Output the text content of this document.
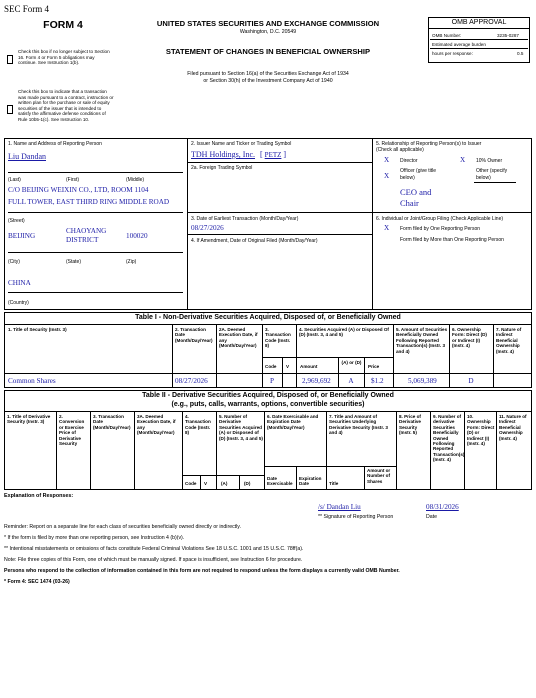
SEC Form 4
FORM 4
Check this box if no longer subject to Section 16. Form 4 or Form 5 obligations may continue. See Instruction 1(b).
Check this box to indicate that a transaction was made pursuant to a contract, instruction or written plan for the purchase or sale of equity securities of the issuer that is intended to satisfy the affirmative defense conditions of Rule 10b5-1(c). See Instruction 10.
UNITED STATES SECURITIES AND EXCHANGE COMMISSION
Washington, D.C. 20549
STATEMENT OF CHANGES IN BENEFICIAL OWNERSHIP
Filed pursuant to Section 16(a) of the Securities Exchange Act of 1934
or Section 30(h) of the Investment Company Act of 1940
OMB APPROVAL
OMB Number:	3235-0287
Estimated average burden
hours per response:	0.5
1. Name and Address of Reporting Person
Liu Dandan
(Last)	(First)	(Middle)
C/O BEIJING WEIXIN CO., LTD, ROOM 1104
FULL TOWER, EAST THIRD RING MIDDLE ROAD
(Street)
BEIJING
CHAOYANG
DISTRICT	100020
(City)	(State)	(Zip)
CHINA
(Country)
2. Issuer Name and Ticker or Trading Symbol
TDH Holdings, Inc. [ PETZ ]
2a. Foreign Trading Symbol
3. Date of Earliest Transaction (Month/Day/Year)
08/27/2026
4. If Amendment, Date of Original Filed (Month/Day/Year)
5. Relationship of Reporting Person(s) to Issuer
(Check all applicable)
X Director	X 10% Owner
X
Officer (give title
below)
Other (specify
below)
CEO and
Chair
6. Individual or Joint/Group Filing (Check Applicable Line)
X Form filed by One Reporting Person
Form filed by More than One Reporting Person
Table I - Non-Derivative Securities Acquired, Disposed of, or Beneficially Owned
1. Title of Security (Instr. 3)	2. Transaction Date (Month/Day/Year)
2A. Deemed Execution Date, if any (Month/Day/Year)
3. Transaction Code (Instr. 8)
4. Securities Acquired (A) or Disposed Of (D) (Instr. 3, 4 and 5)
5. Amount of Securities Beneficially Owned Following Reported Transaction(s) (Instr. 3 and 4)
6. Ownership Form: Direct (D) or Indirect (I) (Instr. 4)
7. Nature of Indirect Beneficial Ownership (Instr. 4)
Code V Amount
(A) or (D)
Price
Common Shares	08/27/2026	P	2,969,692	A	$1.2	5,069,389	D
Table II - Derivative Securities Acquired, Disposed of, or Beneficially Owned
(e.g., puts, calls, warrants, options, convertible securities)
1. Title of Derivative Security (Instr. 3)
2. Conversion or Exercise Price of Derivative Security
3. Transaction Date (Month/Day/Year)
3A. Deemed Execution Date, if any (Month/Day/Year)
4. Transaction Code (Instr. 8)
5. Number of Derivative Securities Acquired (A) or Disposed of (D) (Instr. 3, 4 and 5)
6. Date Exercisable and Expiration Date (Month/Day/Year)
7. Title and Amount of Securities Underlying Derivative Security (Instr. 3 and 4)
8. Price of Derivative Security (Instr. 5)
9. Number of derivative Securities Beneficially Owned Following Reported Transaction(s) (Instr. 4)
10. Ownership Form: Direct (D) or Indirect (I) (Instr. 4)
11. Nature of Indirect Beneficial Ownership (Instr. 4)
Code V	(A)	(D)
Date Exercisable
Expiration Date	Title
Amount or Number of Shares
Explanation of Responses:
/s/ Dandan Liu	08/31/2026
** Signature of Reporting Person	Date
Reminder: Report on a separate line for each class of securities beneficially owned directly or indirectly.
* If the form is filed by more than one reporting person, see Instruction 4 (b)(v).
** Intentional misstatements or omissions of facts constitute Federal Criminal Violations See 18 U.S.C. 1001 and 15 U.S.C. 78ff(a).
Note: File three copies of this Form, one of which must be manually signed. If space is insufficient, see Instruction 6 for procedure.
Persons who respond to the collection of information contained in this form are not required to respond unless the form displays a currently valid OMB Number.
* Form 4: SEC 1474 (03-26)
